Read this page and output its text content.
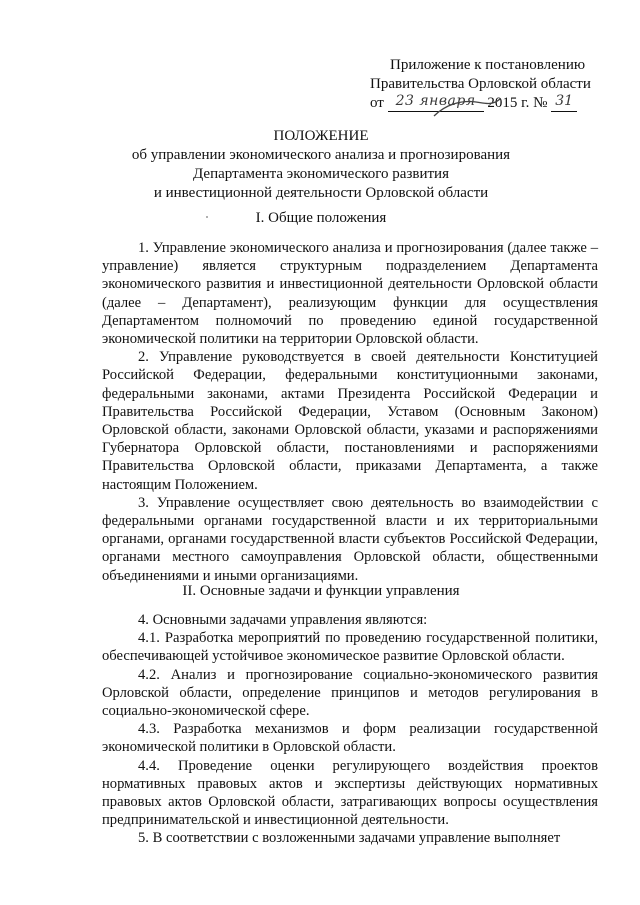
Приложение к постановлению
Правительства Орловской области
от 23 января 2015 г. № 31
ПОЛОЖЕНИЕ
об управлении экономического анализа и прогнозирования
Департамента экономического развития
и инвестиционной деятельности Орловской области
I. Общие положения

1. Управление экономического анализа и прогнозирования (далее также – управление) является структурным подразделением Департамента экономического развития и инвестиционной деятельности Орловской области (далее – Департамент), реализующим функции для осуществления Департаментом полномочий по проведению единой государственной экономической политики на территории Орловской области.

2. Управление руководствуется в своей деятельности Конституцией Российской Федерации, федеральными конституционными законами, федеральными законами, актами Президента Российской Федерации и Правительства Российской Федерации, Уставом (Основным Законом) Орловской области, законами Орловской области, указами и распоряжениями Губернатора Орловской области, постановлениями и распоряжениями Правительства Орловской области, приказами Департамента, а также настоящим Положением.

3. Управление осуществляет свою деятельность во взаимодействии с федеральными органами государственной власти и их территориальными органами, органами государственной власти субъектов Российской Федерации, органами местного самоуправления Орловской области, общественными объединениями и иными организациями.

II. Основные задачи и функции управления

4. Основными задачами управления являются:

4.1. Разработка мероприятий по проведению государственной политики, обеспечивающей устойчивое экономическое развитие Орловской области.

4.2. Анализ и прогнозирование социально-экономического развития Орловской области, определение принципов и методов регулирования в социально-экономической сфере.

4.3. Разработка механизмов и форм реализации государственной экономической политики в Орловской области.

4.4. Проведение оценки регулирующего воздействия проектов нормативных правовых актов и экспертизы действующих нормативных правовых актов Орловской области, затрагивающих вопросы осуществления предпринимательской и инвестиционной деятельности.

5. В соответствии с возложенными задачами управление выполняет
